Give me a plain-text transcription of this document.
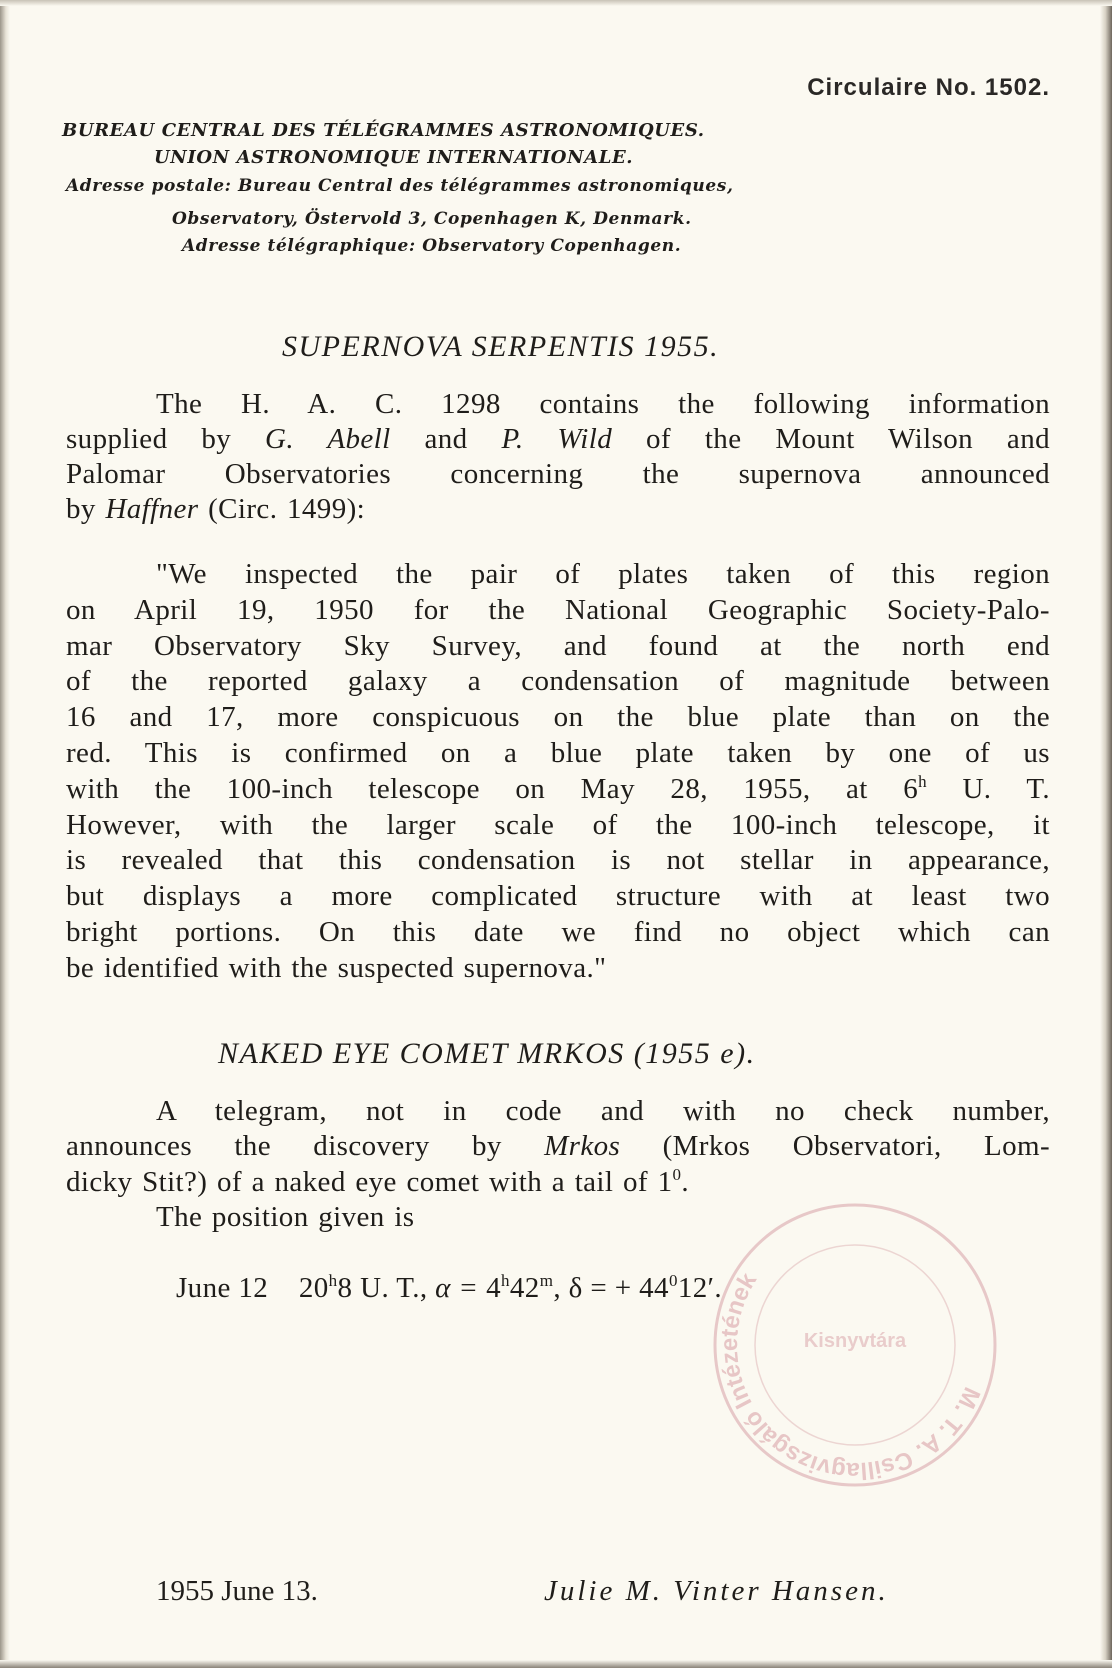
M. T. A. Csillagvizsgáló Intézetének
Kisnyvtára
Circulaire No. 1502.
BUREAU CENTRAL DES TÉLÉGRAMMES ASTRONOMIQUES.
UNION ASTRONOMIQUE INTERNATIONALE.
Adresse postale: Bureau Central des télégrammes astronomiques,
Observatory, Östervold 3, Copenhagen K, Denmark.
Adresse télégraphique: Observatory Copenhagen.
SUPERNOVA SERPENTIS 1955.
The H. A. C. 1298 contains the following information
supplied by G. Abell and P. Wild of the Mount Wilson and
Palomar Observatories concerning the supernova announced
by Haffner (Circ. 1499):
"We inspected the pair of plates taken of this region
on April 19, 1950 for the National Geographic Society-Palo-
mar Observatory Sky Survey, and found at the north end
of the reported galaxy a condensation of magnitude between
16 and 17, more conspicuous on the blue plate than on the
red. This is confirmed on a blue plate taken by one of us
with the 100-inch telescope on May 28, 1955, at 6$^h$ U. T.
However, with the larger scale of the 100-inch telescope, it
is revealed that this condensation is not stellar in appearance,
but displays a more complicated structure with at least two
bright portions. On this date we find no object which can
be identified with the suspected supernova."
NAKED EYE COMET MRKOS (1955 e).
A telegram, not in code and with no check number,
announces the discovery by Mrkos (Mrkos Observatori, Lom-
dicky Stit?) of a naked eye comet with a tail of $1^0$.
The position given is
June 12 20$^h$8 U. T., $\alpha = 4^h42^m$, δ = + $44^012'$.
1955 June 13.	Julie M. Vinter Hansen.
